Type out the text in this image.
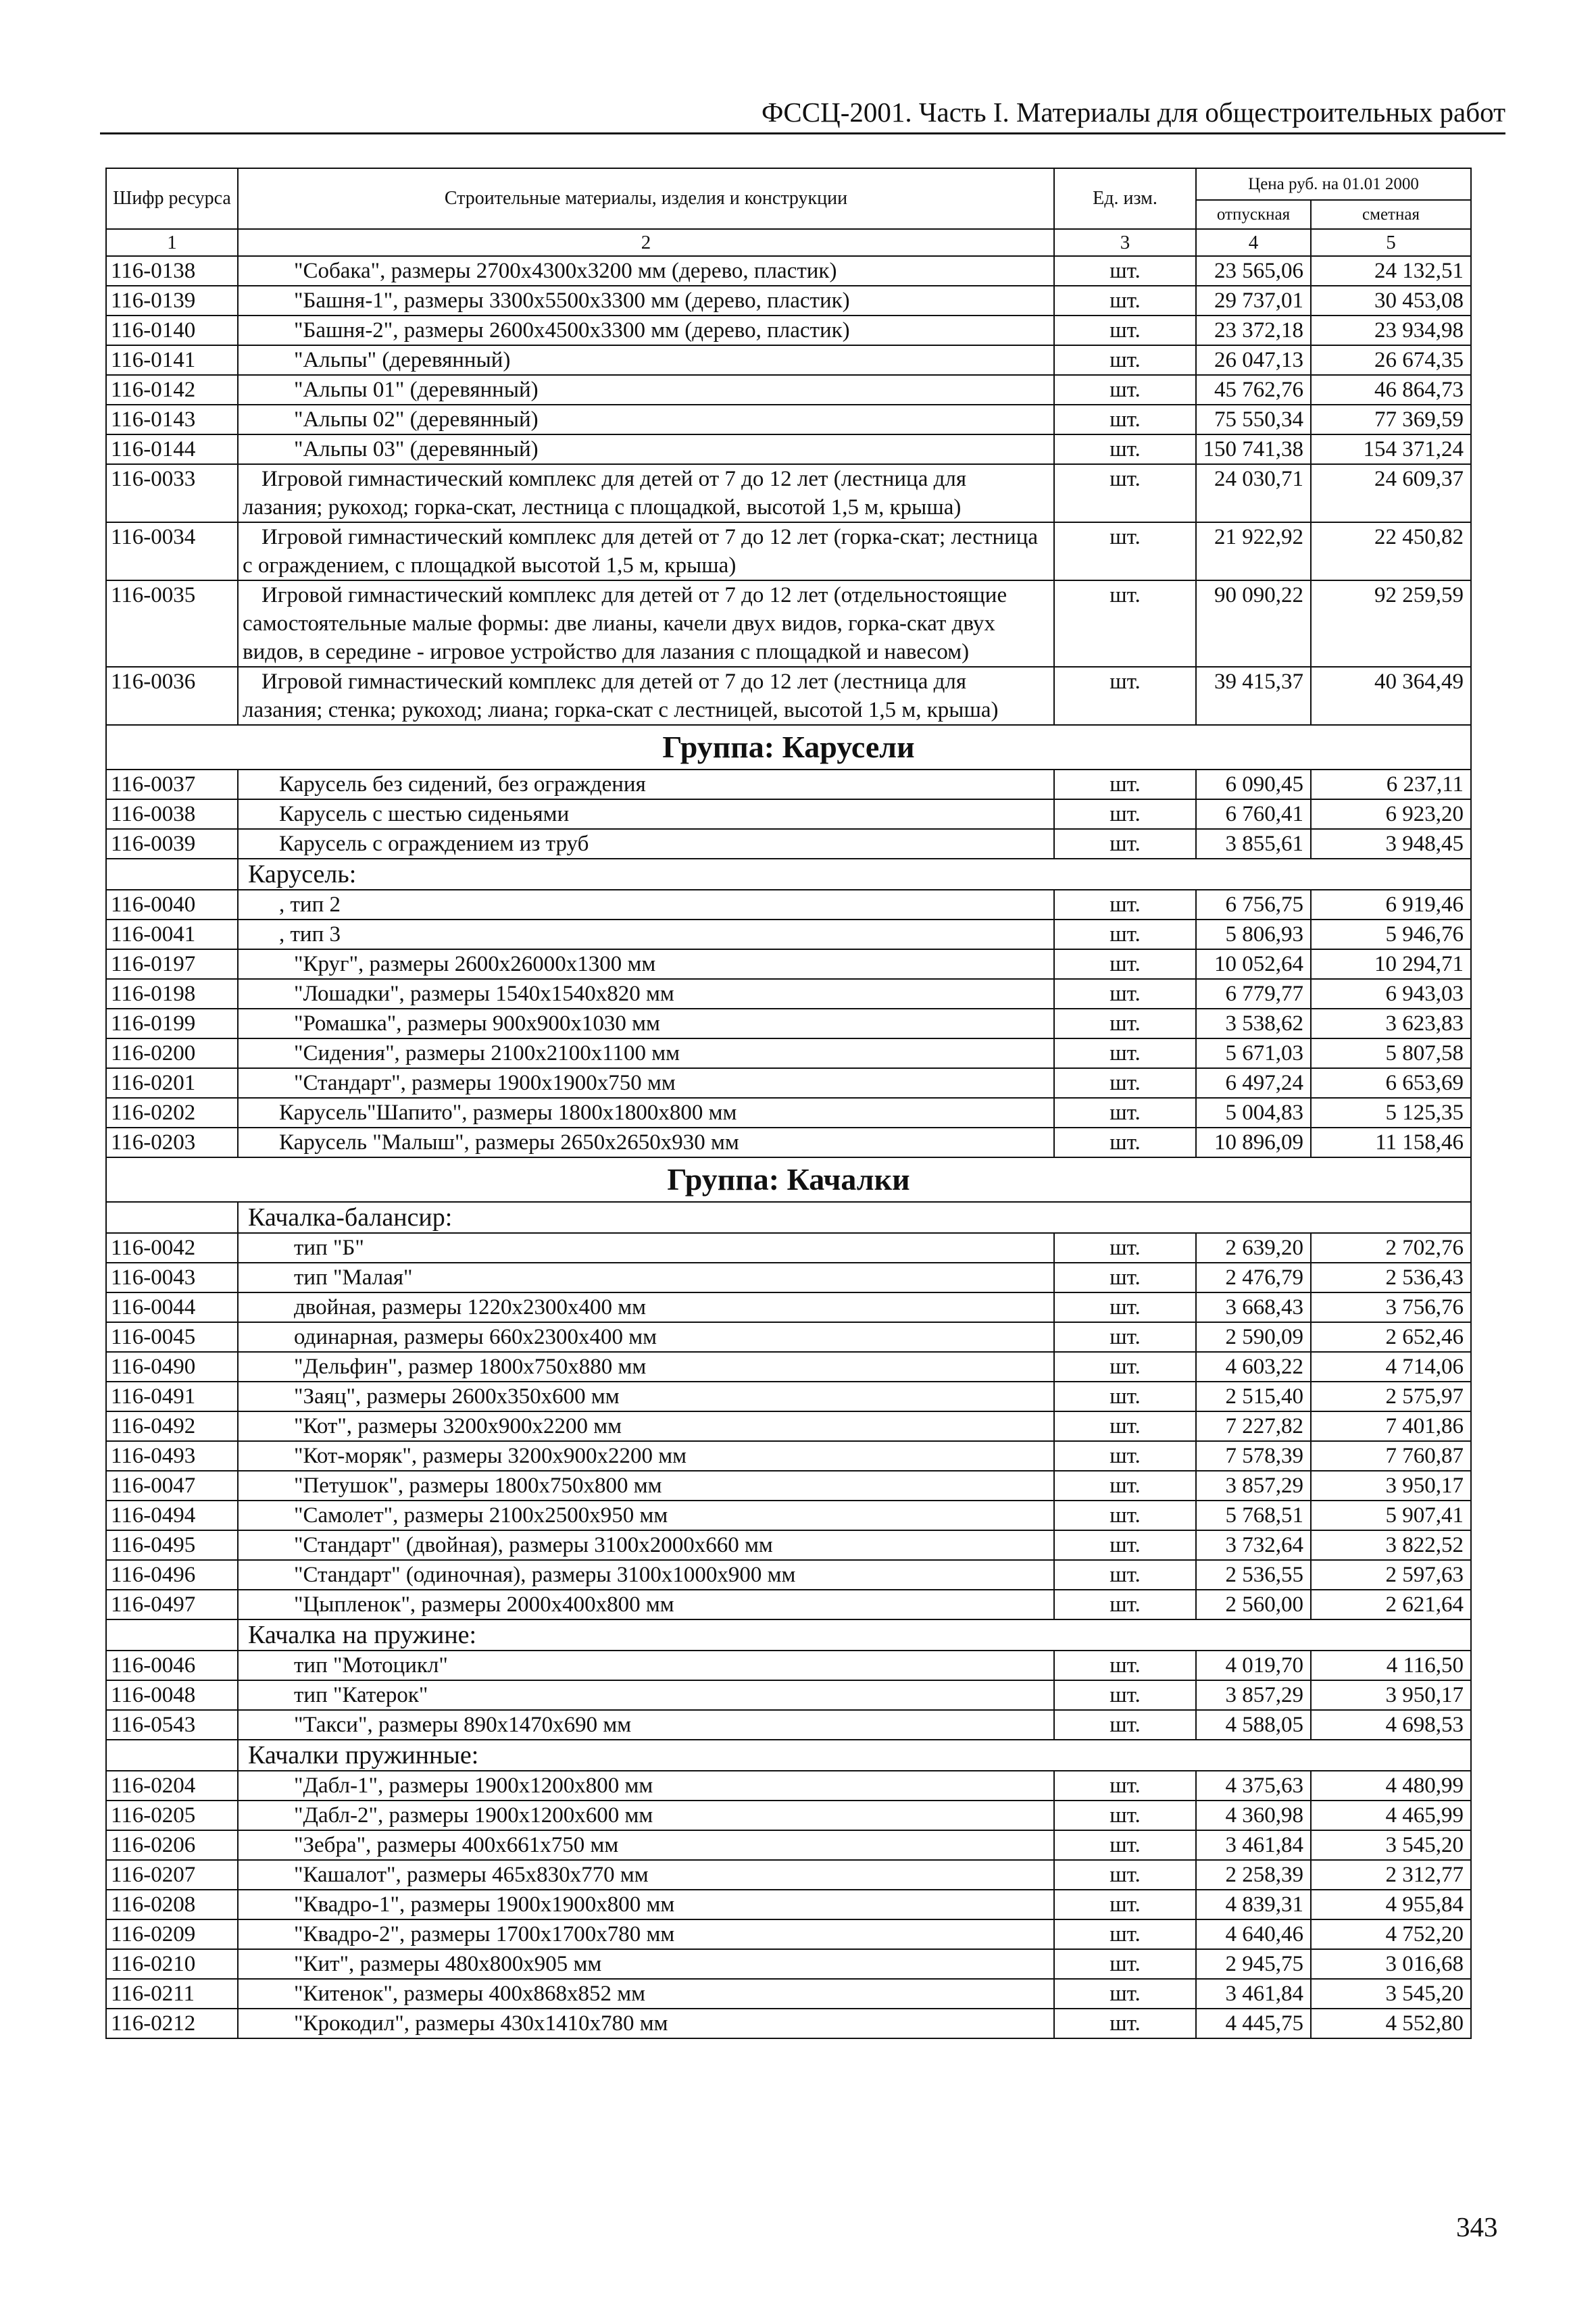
ФССЦ-2001. Часть I. Материалы для общестроительных работ
Шифр ресурса	Строительные материалы, изделия и конструкции	Ед. изм.	Цена руб. на 01.01 2000	
			отпускная	сметная
1	2	3	4	5
116-0138	"Собака", размеры 2700x4300x3200 мм (дерево, пластик)	шт.	23 565,06	24 132,51
116-0139	"Башня-1", размеры 3300x5500x3300 мм (дерево, пластик)	шт.	29 737,01	30 453,08
116-0140	"Башня-2", размеры 2600x4500x3300 мм (дерево, пластик)	шт.	23 372,18	23 934,98
116-0141	"Альпы" (деревянный)	шт.	26 047,13	26 674,35
116-0142	"Альпы 01" (деревянный)	шт.	45 762,76	46 864,73
116-0143	"Альпы 02" (деревянный)	шт.	75 550,34	77 369,59
116-0144	"Альпы 03" (деревянный)	шт.	150 741,38	154 371,24
116-0033	Игровой гимнастический комплекс для детей от 7 до 12 лет (лестница для лазания; рукоход; горка-скат, лестница с площадкой, высотой 1,5 м, крыша)	шт.	24 030,71	24 609,37
116-0034	Игровой гимнастический комплекс для детей от 7 до 12 лет (горка-скат; лестница с ограждением, с площадкой высотой 1,5 м, крыша)	шт.	21 922,92	22 450,82
116-0035	Игровой гимнастический комплекс для детей от 7 до 12 лет (отдельностоящие самостоятельные малые формы: две лианы, качели двух видов, горка-скат двух видов, в середине - игровое устройство для лазания с площадкой и навесом)	шт.	90 090,22	92 259,59
116-0036	Игровой гимнастический комплекс для детей от 7 до 12 лет (лестница для лазания; стенка; рукоход; лиана; горка-скат с лестницей, высотой 1,5 м, крыша)	шт.	39 415,37	40 364,49
Группа: Карусели				
116-0037	Карусель без сидений, без ограждения	шт.	6 090,45	6 237,11
116-0038	Карусель с шестью сиденьями	шт.	6 760,41	6 923,20
116-0039	Карусель с ограждением из труб	шт.	3 855,61	3 948,45
	Карусель:			
116-0040	, тип 2	шт.	6 756,75	6 919,46
116-0041	, тип 3	шт.	5 806,93	5 946,76
116-0197	"Круг", размеры 2600x26000x1300 мм	шт.	10 052,64	10 294,71
116-0198	"Лошадки", размеры 1540x1540x820 мм	шт.	6 779,77	6 943,03
116-0199	"Ромашка", размеры 900x900x1030 мм	шт.	3 538,62	3 623,83
116-0200	"Сидения", размеры 2100x2100x1100 мм	шт.	5 671,03	5 807,58
116-0201	"Стандарт", размеры 1900x1900x750 мм	шт.	6 497,24	6 653,69
116-0202	Карусель"Шапито", размеры 1800x1800x800 мм	шт.	5 004,83	5 125,35
116-0203	Карусель "Малыш", размеры 2650x2650x930 мм	шт.	10 896,09	11 158,46
Группа: Качалки				
	Качалка-балансир:			
116-0042	тип "Б"	шт.	2 639,20	2 702,76
116-0043	тип "Малая"	шт.	2 476,79	2 536,43
116-0044	двойная, размеры 1220x2300x400 мм	шт.	3 668,43	3 756,76
116-0045	одинарная, размеры 660x2300x400 мм	шт.	2 590,09	2 652,46
116-0490	"Дельфин", размер 1800x750x880 мм	шт.	4 603,22	4 714,06
116-0491	"Заяц", размеры 2600x350x600 мм	шт.	2 515,40	2 575,97
116-0492	"Кот", размеры 3200x900x2200 мм	шт.	7 227,82	7 401,86
116-0493	"Кот-моряк", размеры 3200x900x2200 мм	шт.	7 578,39	7 760,87
116-0047	"Петушок", размеры 1800x750x800 мм	шт.	3 857,29	3 950,17
116-0494	"Самолет", размеры 2100x2500x950 мм	шт.	5 768,51	5 907,41
116-0495	"Стандарт" (двойная), размеры 3100x2000x660 мм	шт.	3 732,64	3 822,52
116-0496	"Стандарт" (одиночная), размеры 3100x1000x900 мм	шт.	2 536,55	2 597,63
116-0497	"Цыпленок", размеры 2000x400x800 мм	шт.	2 560,00	2 621,64
	Качалка на пружине:			
116-0046	тип "Мотоцикл"	шт.	4 019,70	4 116,50
116-0048	тип "Катерок"	шт.	3 857,29	3 950,17
116-0543	"Такси", размеры 890x1470x690 мм	шт.	4 588,05	4 698,53
	Качалки пружинные:			
116-0204	"Дабл-1", размеры 1900x1200x800 мм	шт.	4 375,63	4 480,99
116-0205	"Дабл-2", размеры 1900x1200x600 мм	шт.	4 360,98	4 465,99
116-0206	"Зебра", размеры 400x661x750 мм	шт.	3 461,84	3 545,20
116-0207	"Кашалот", размеры 465x830x770 мм	шт.	2 258,39	2 312,77
116-0208	"Квадро-1", размеры 1900x1900x800 мм	шт.	4 839,31	4 955,84
116-0209	"Квадро-2", размеры 1700x1700x780 мм	шт.	4 640,46	4 752,20
116-0210	"Кит", размеры 480x800x905 мм	шт.	2 945,75	3 016,68
116-0211	"Китенок", размеры 400x868x852 мм	шт.	3 461,84	3 545,20
116-0212	"Крокодил", размеры 430x1410x780 мм	шт.	4 445,75	4 552,80
343
